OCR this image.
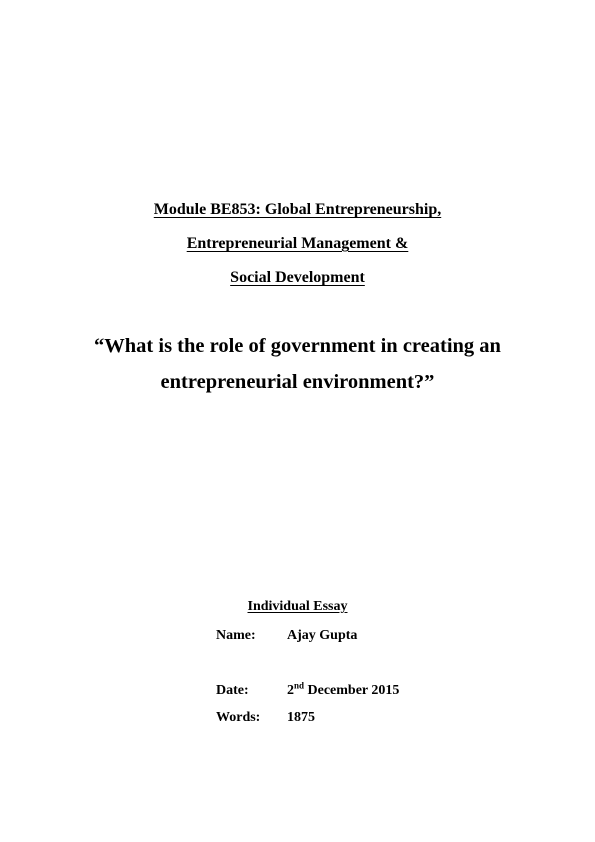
Module BE853: Global Entrepreneurship,
Entrepreneurial Management &
Social Development
“What is the role of government in creating an
entrepreneurial environment?”
Individual Essay
Name: Ajay Gupta
Date:	2nd December 2015
Words: 1875
